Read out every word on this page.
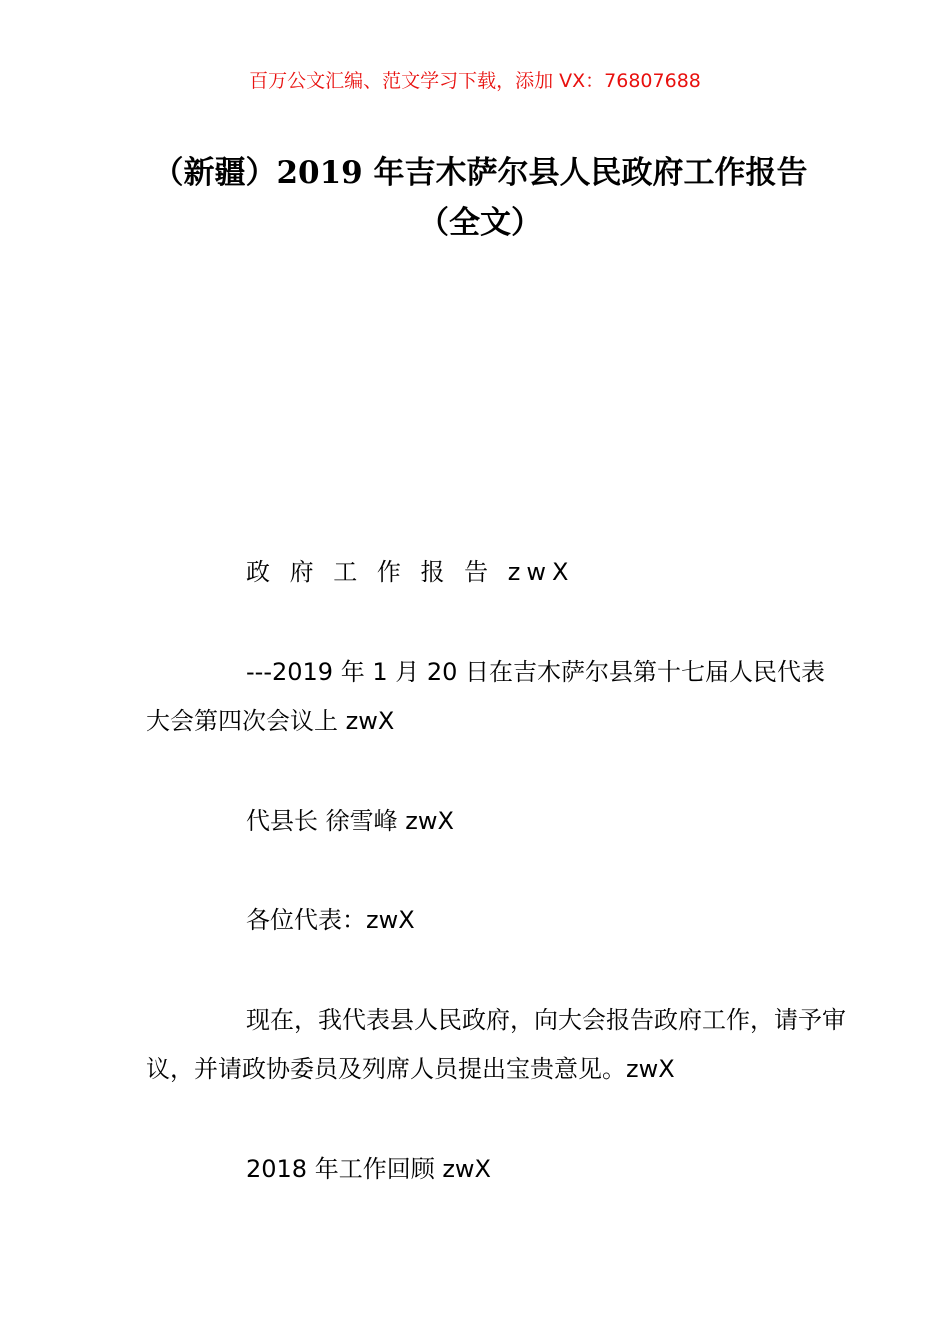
百万公文汇编、范文学习下载，添加 VX：76807688
（新疆）2019 年吉木萨尔县人民政府工作报告（全文）
政 府 工 作 报 告 zwX
---2019 年 1 月 20 日在吉木萨尔县第十七届人民代表大会第四次会议上 zwX
代县长 徐雪峰 zwX
各位代表：zwX
现在，我代表县人民政府，向大会报告政府工作，请予审议，并请政协委员及列席人员提出宝贵意见。zwX
2018 年工作回顾 zwX
